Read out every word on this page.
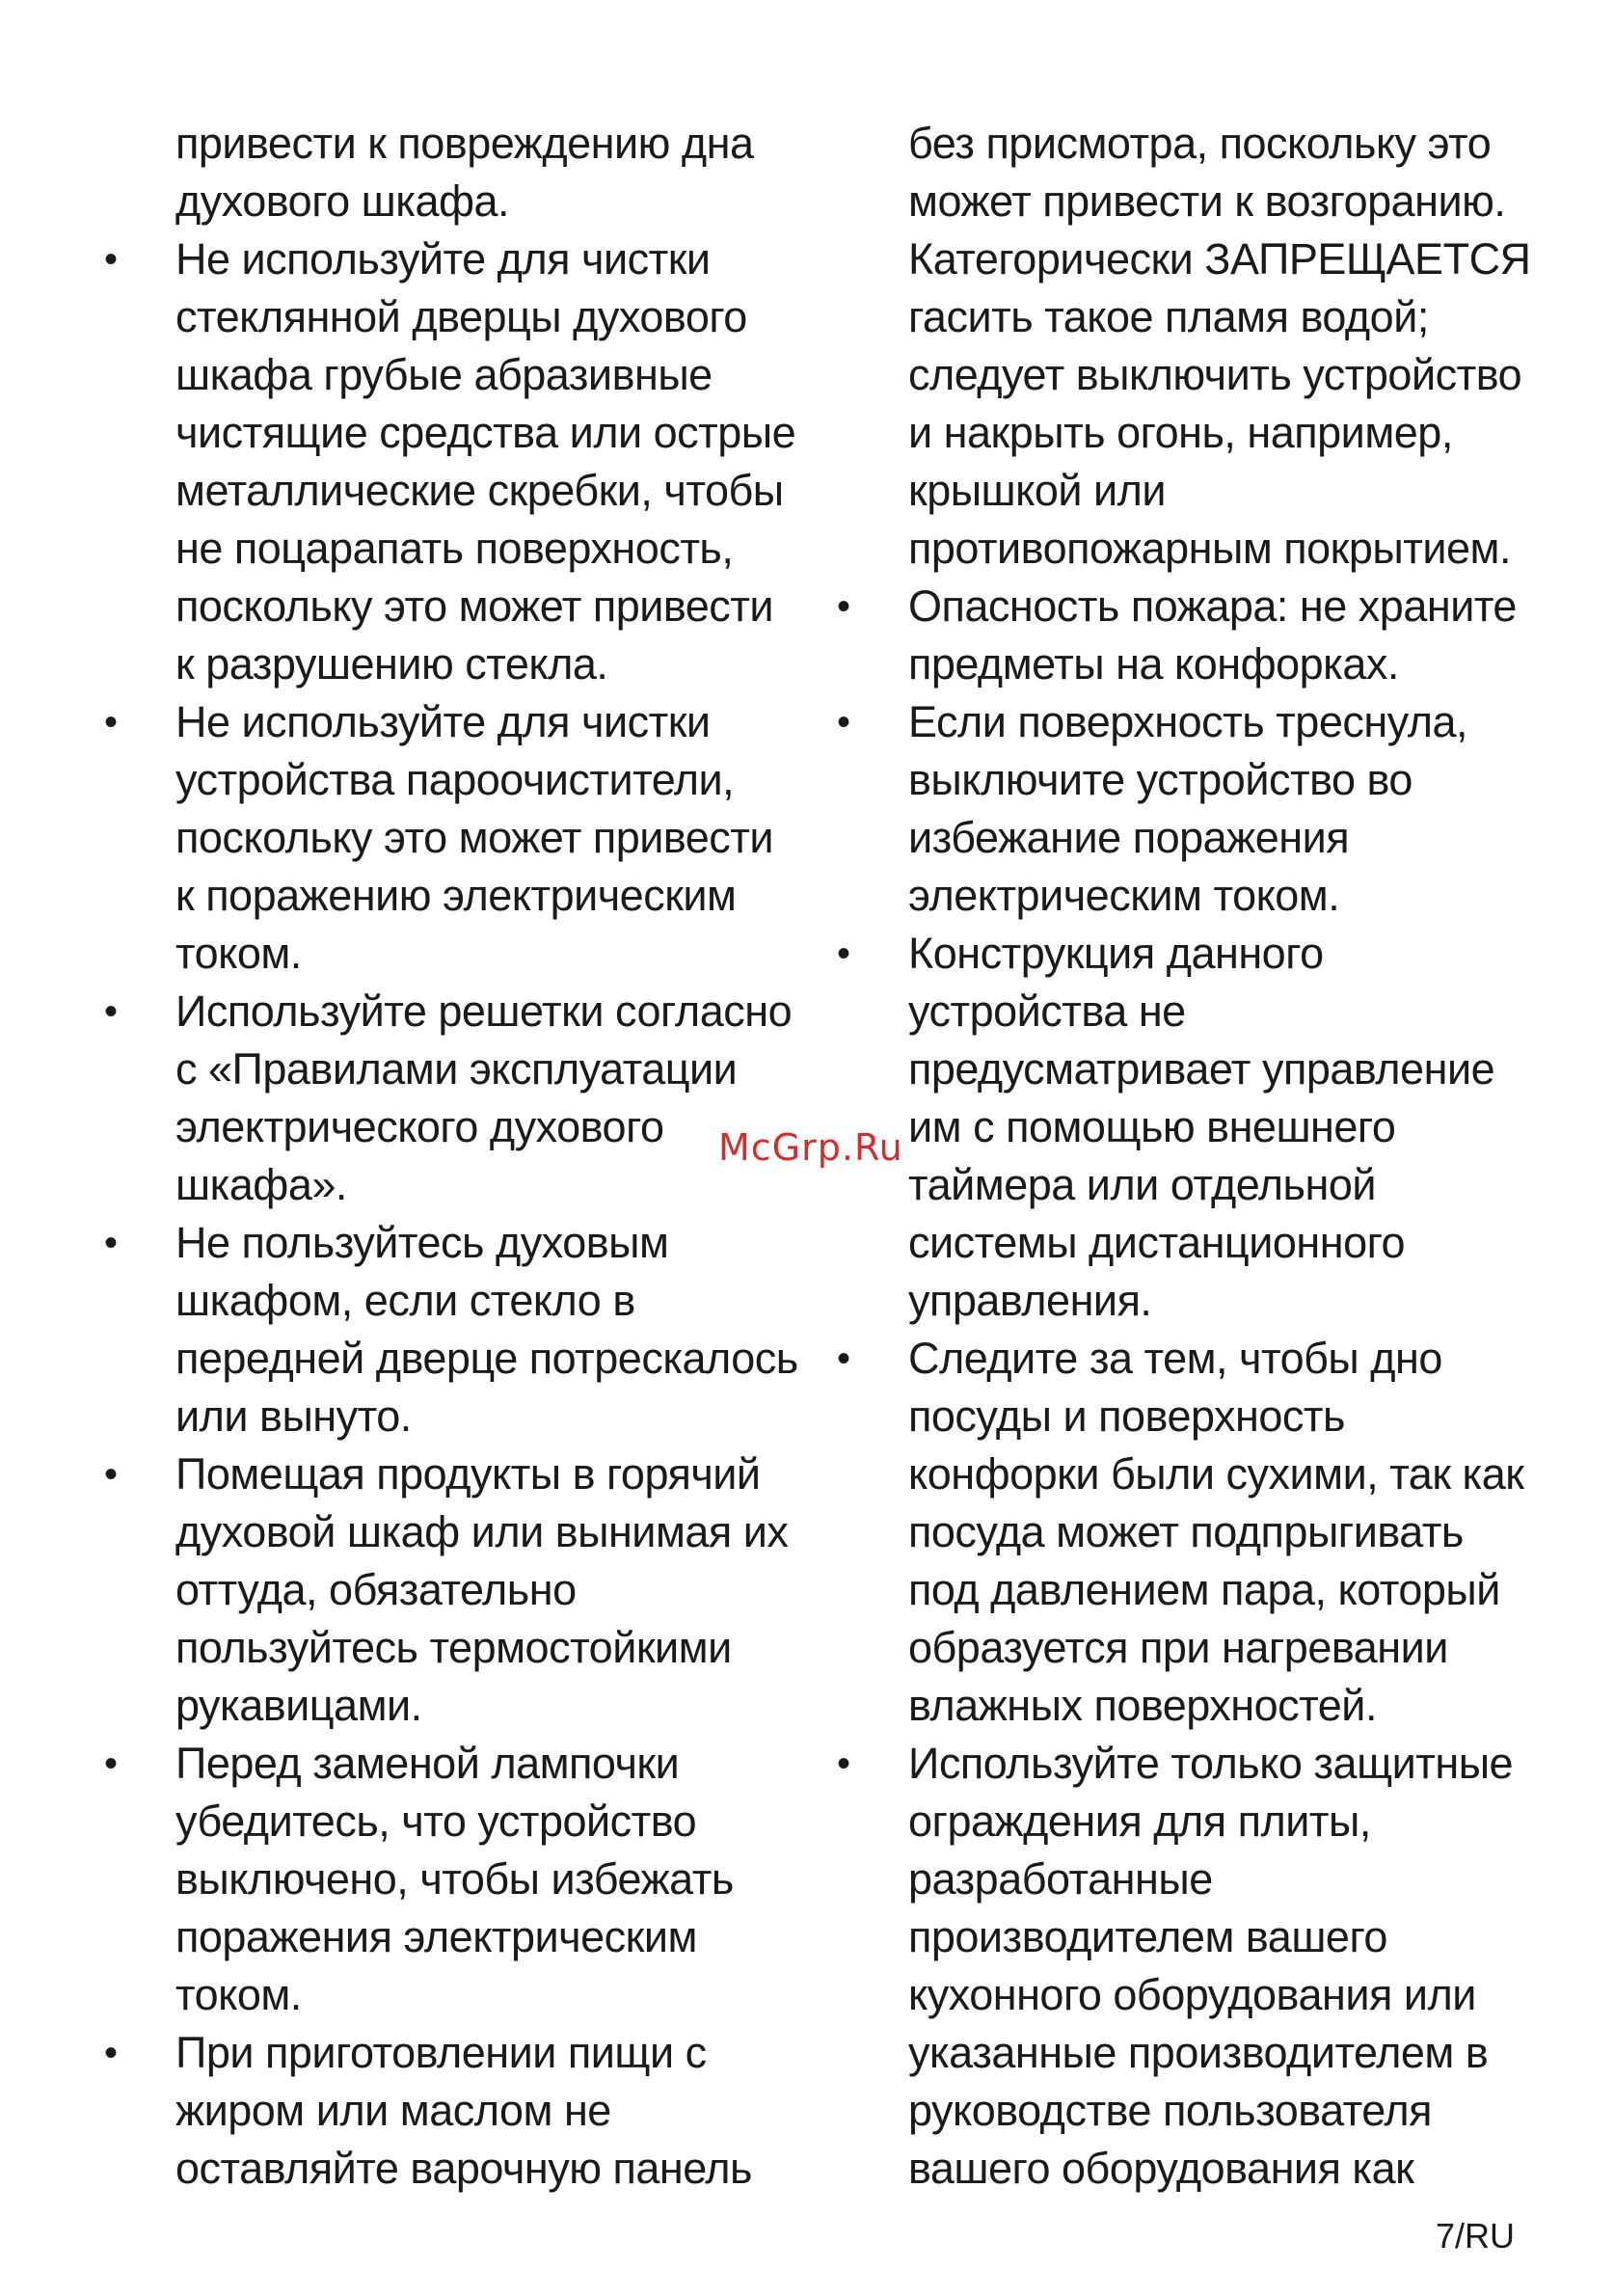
привести к повреждению дна
духового шкафа.
• Не используйте для чистки
стеклянной дверцы духового
шкафа грубые абразивные
чистящие средства или острые
металлические скребки, чтобы
не поцарапать поверхность,
поскольку это может привести
к разрушению стекла.
• Не используйте для чистки
устройства пароочистители,
поскольку это может привести
к поражению электрическим
током.
• Используйте решетки согласно
с «Правилами эксплуатации
электрического духового
шкафа».
• Не пользуйтесь духовым
шкафом, если стекло в
передней дверце потрескалось
или вынуто.
• Помещая продукты в горячий
духовой шкаф или вынимая их
оттуда, обязательно
пользуйтесь термостойкими
рукавицами.
• Перед заменой лампочки
убедитесь, что устройство
выключено, чтобы избежать
поражения электрическим
током.
• При приготовлении пищи с
жиром или маслом не
оставляйте варочную панель
без присмотра, поскольку это
может привести к возгоранию.
Категорически ЗАПРЕЩАЕТСЯ
гасить такое пламя водой;
следует выключить устройство
и накрыть огонь, например,
крышкой или
противопожарным покрытием.
• Опасность пожара: не храните
предметы на конфорках.
• Если поверхность треснула,
выключите устройство во
избежание поражения
электрическим током.
• Конструкция данного
устройства не
предусматривает управление
им с помощью внешнего
таймера или отдельной
системы дистанционного
управления.
• Следите за тем, чтобы дно
посуды и поверхность
конфорки были сухими, так как
посуда может подпрыгивать
под давлением пара, который
образуется при нагревании
влажных поверхностей.
• Используйте только защитные
ограждения для плиты,
разработанные
производителем вашего
кухонного оборудования или
указанные производителем в
руководстве пользователя
вашего оборудования как
McGrp.Ru
7/RU
